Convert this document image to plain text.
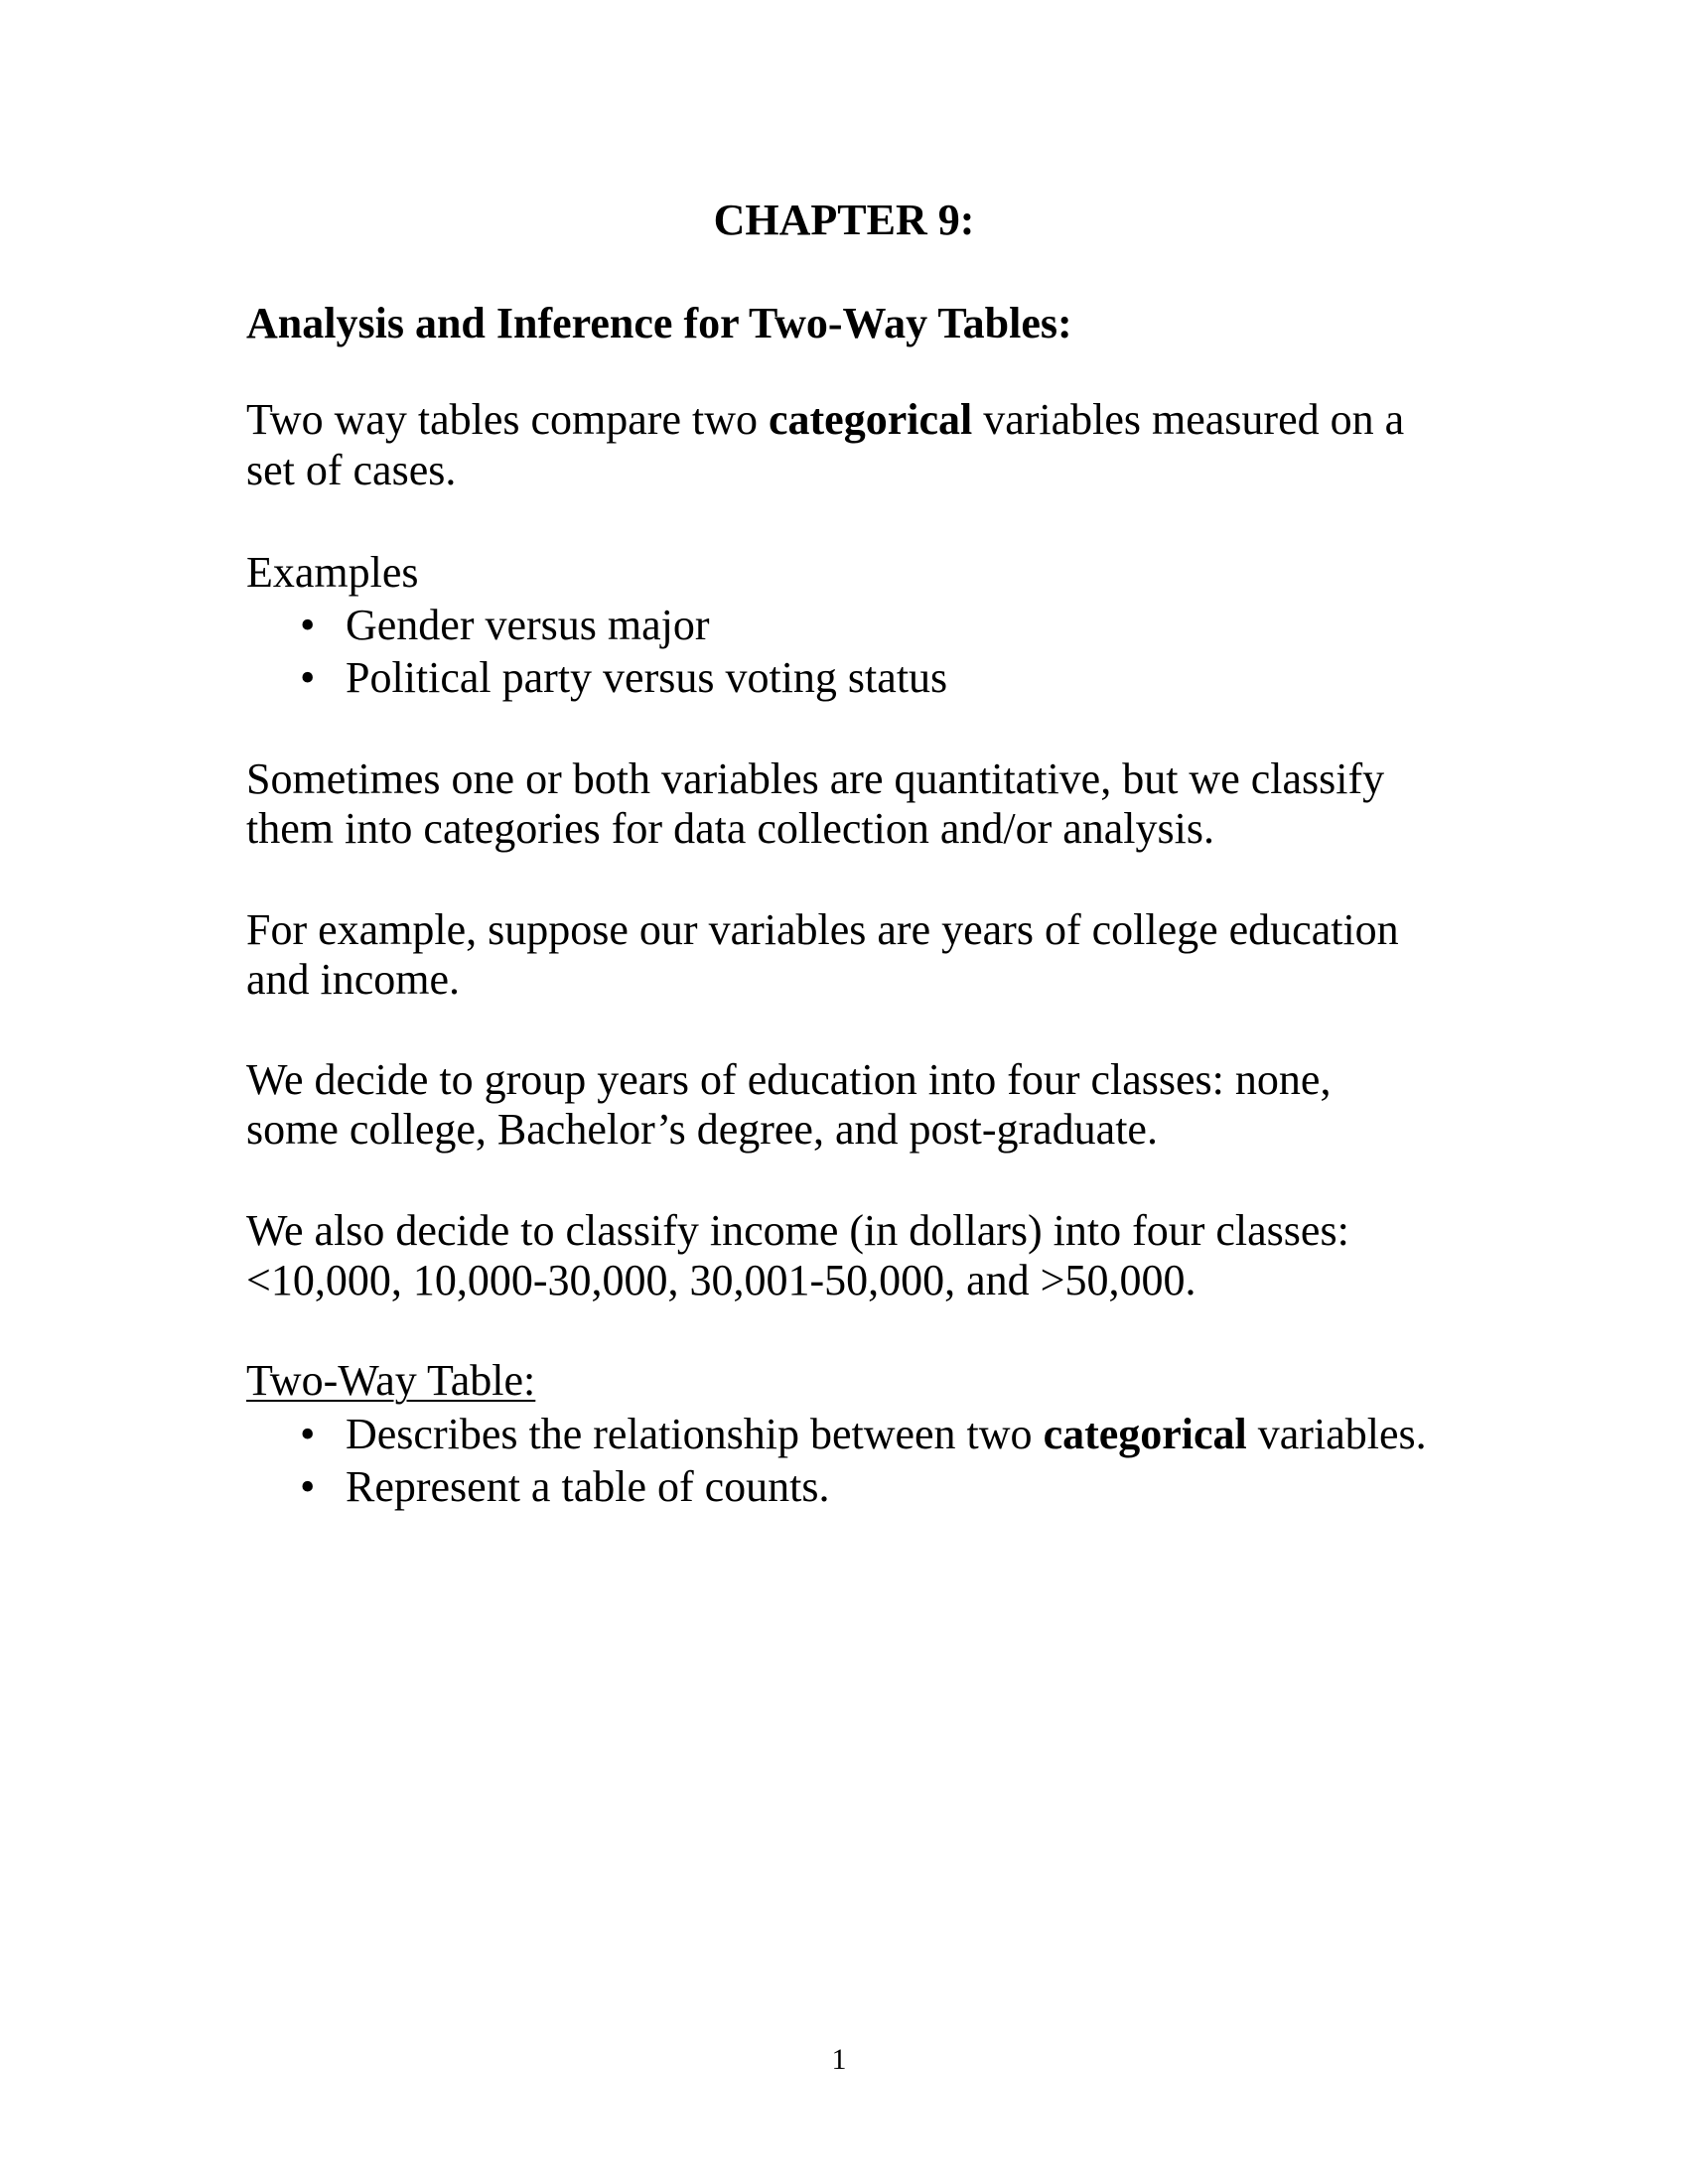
CHAPTER 9:
Analysis and Inference for Two-Way Tables:
Two way tables compare two categorical variables measured on a
set of cases.
Examples
• Gender versus major
• Political party versus voting status
Sometimes one or both variables are quantitative, but we classify
them into categories for data collection and/or analysis.
For example, suppose our variables are years of college education
and income.
We decide to group years of education into four classes: none,
some college, Bachelor’s degree, and post-graduate.
We also decide to classify income (in dollars) into four classes:
<10,000, 10,000-30,000, 30,001-50,000, and >50,000.
Two-Way Table:
• Describes the relationship between two categorical variables.
• Represent a table of counts.
1
